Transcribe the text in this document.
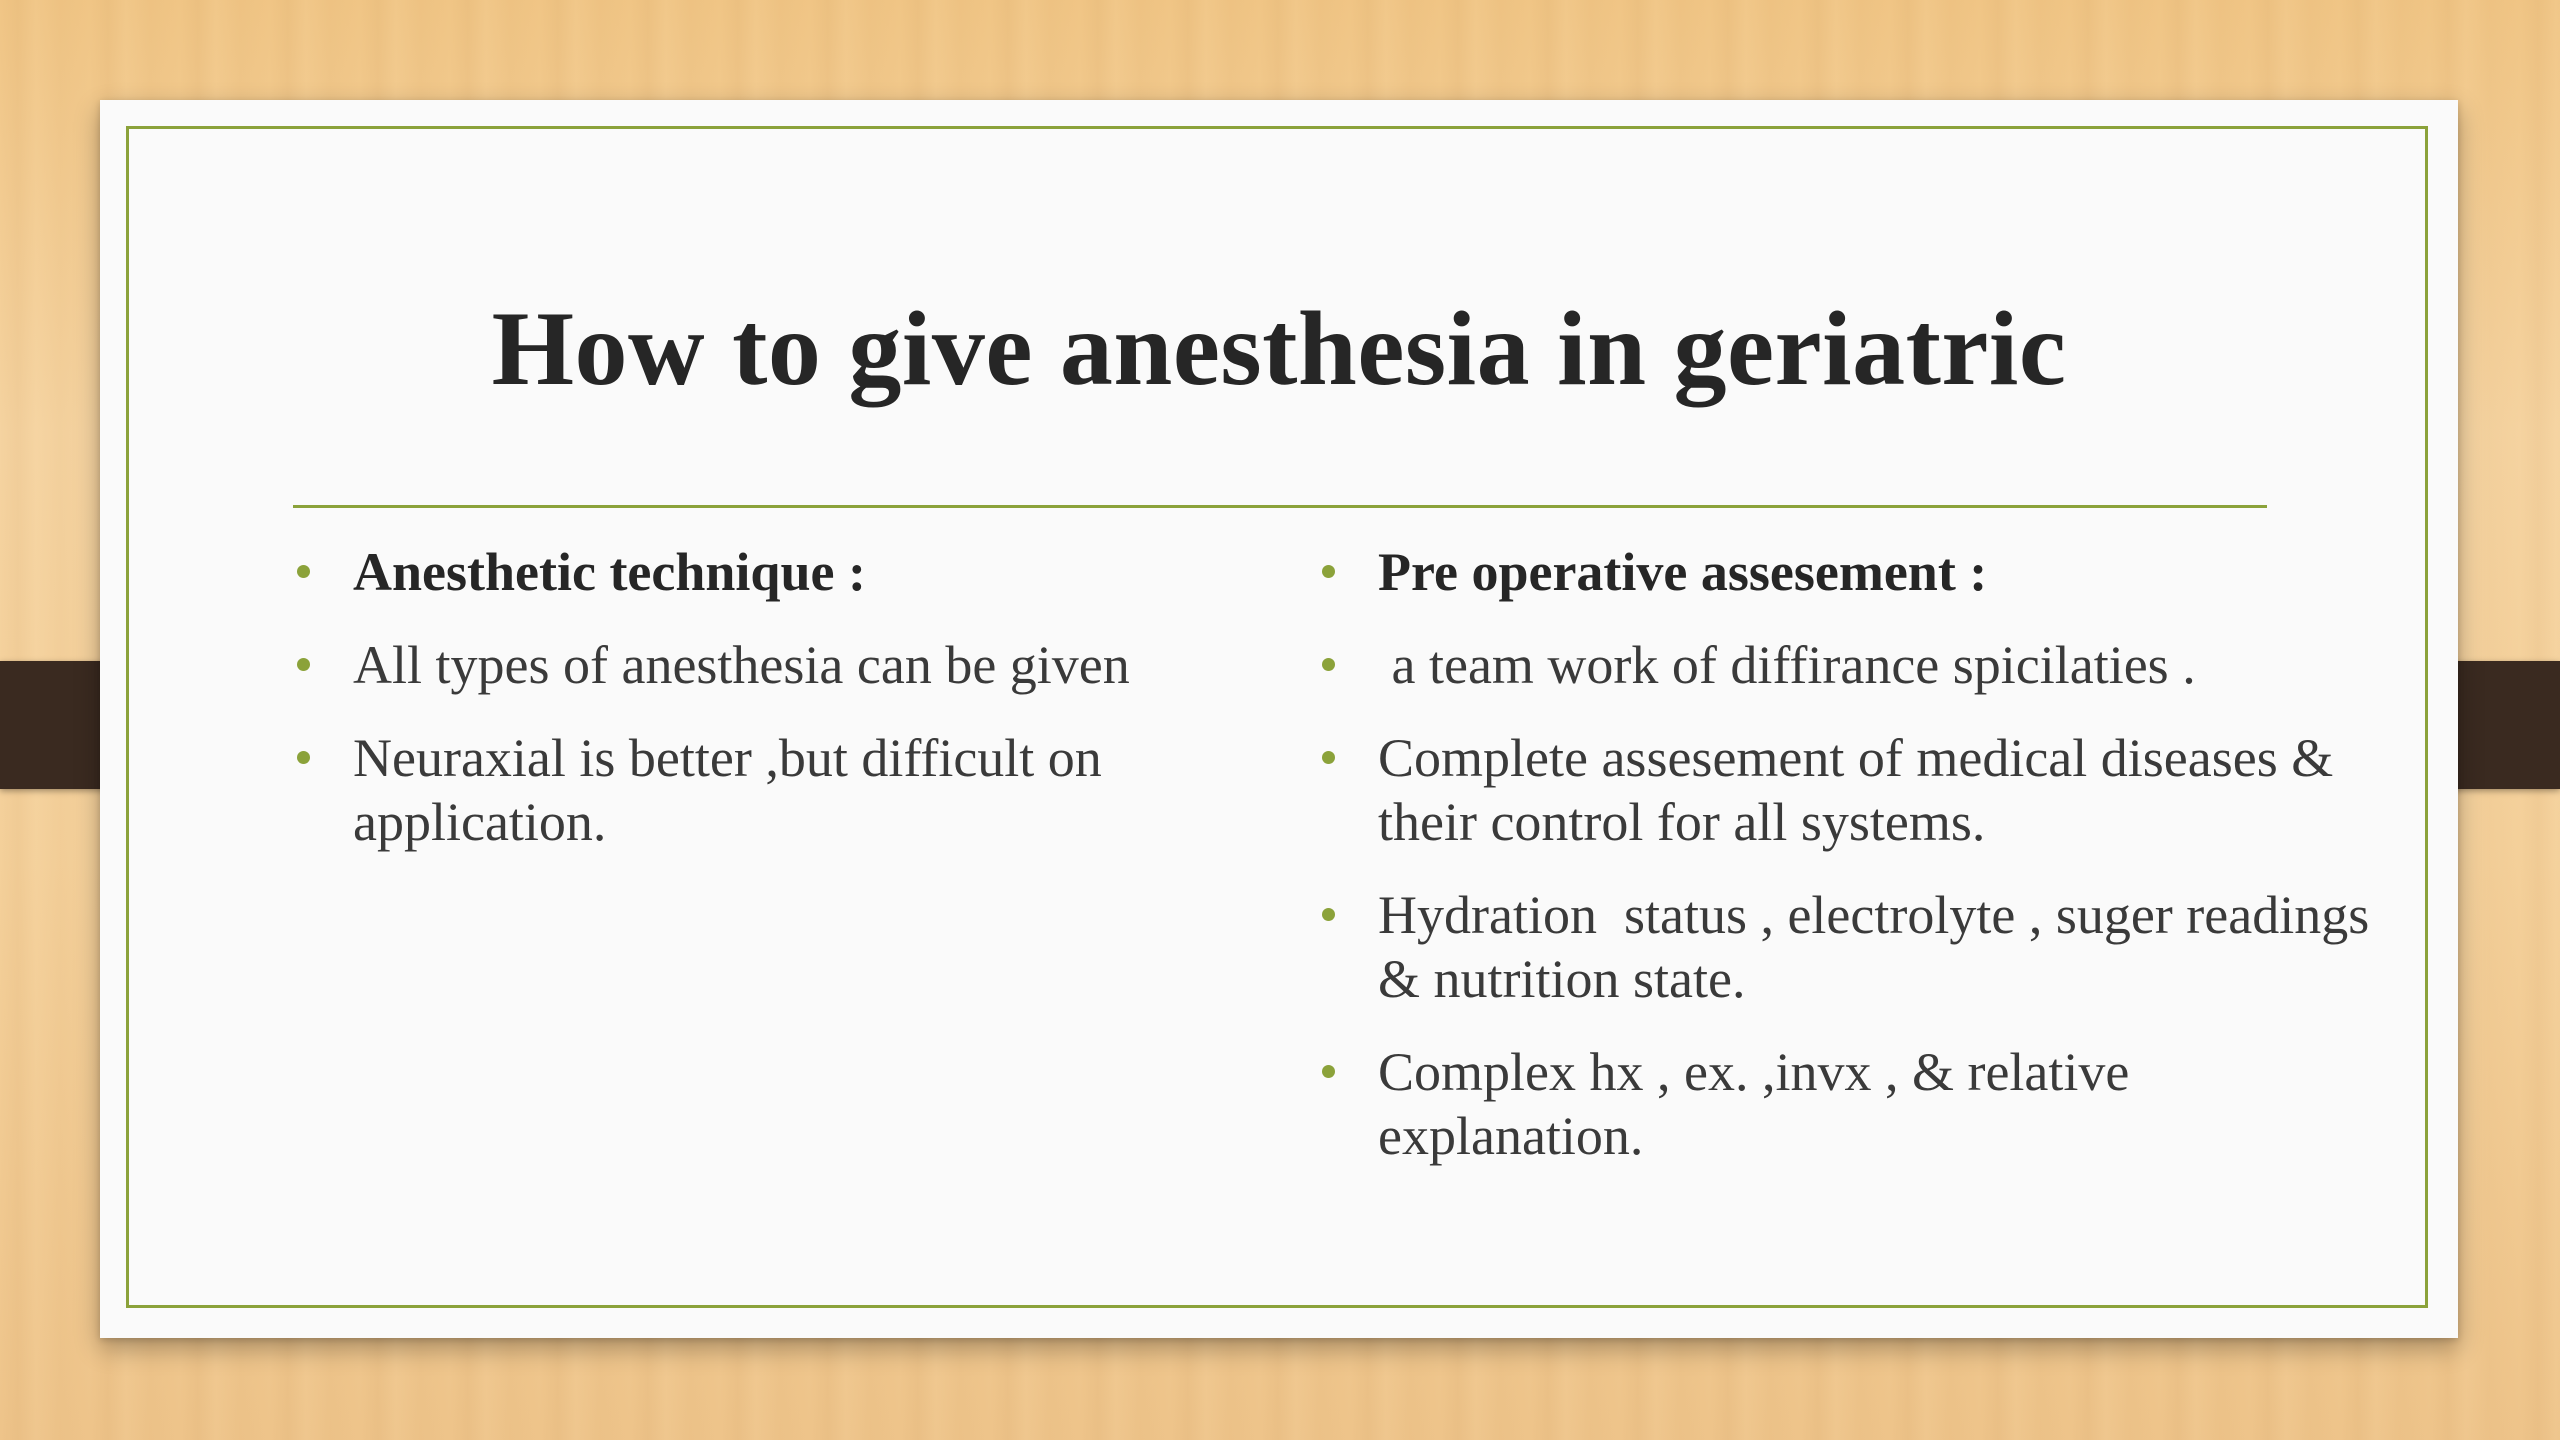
How to give anesthesia in geriatric
Anesthetic technique :
All types of anesthesia can be given
Neuraxial is better ,but difficult on application.
Pre operative assesement :
a team work of diffirance spicilaties .
Complete assesement of medical diseases & their control for all systems.
Hydration  status , electrolyte , suger readings  & nutrition state.
Complex hx , ex. ,invx , & relative explanation.
